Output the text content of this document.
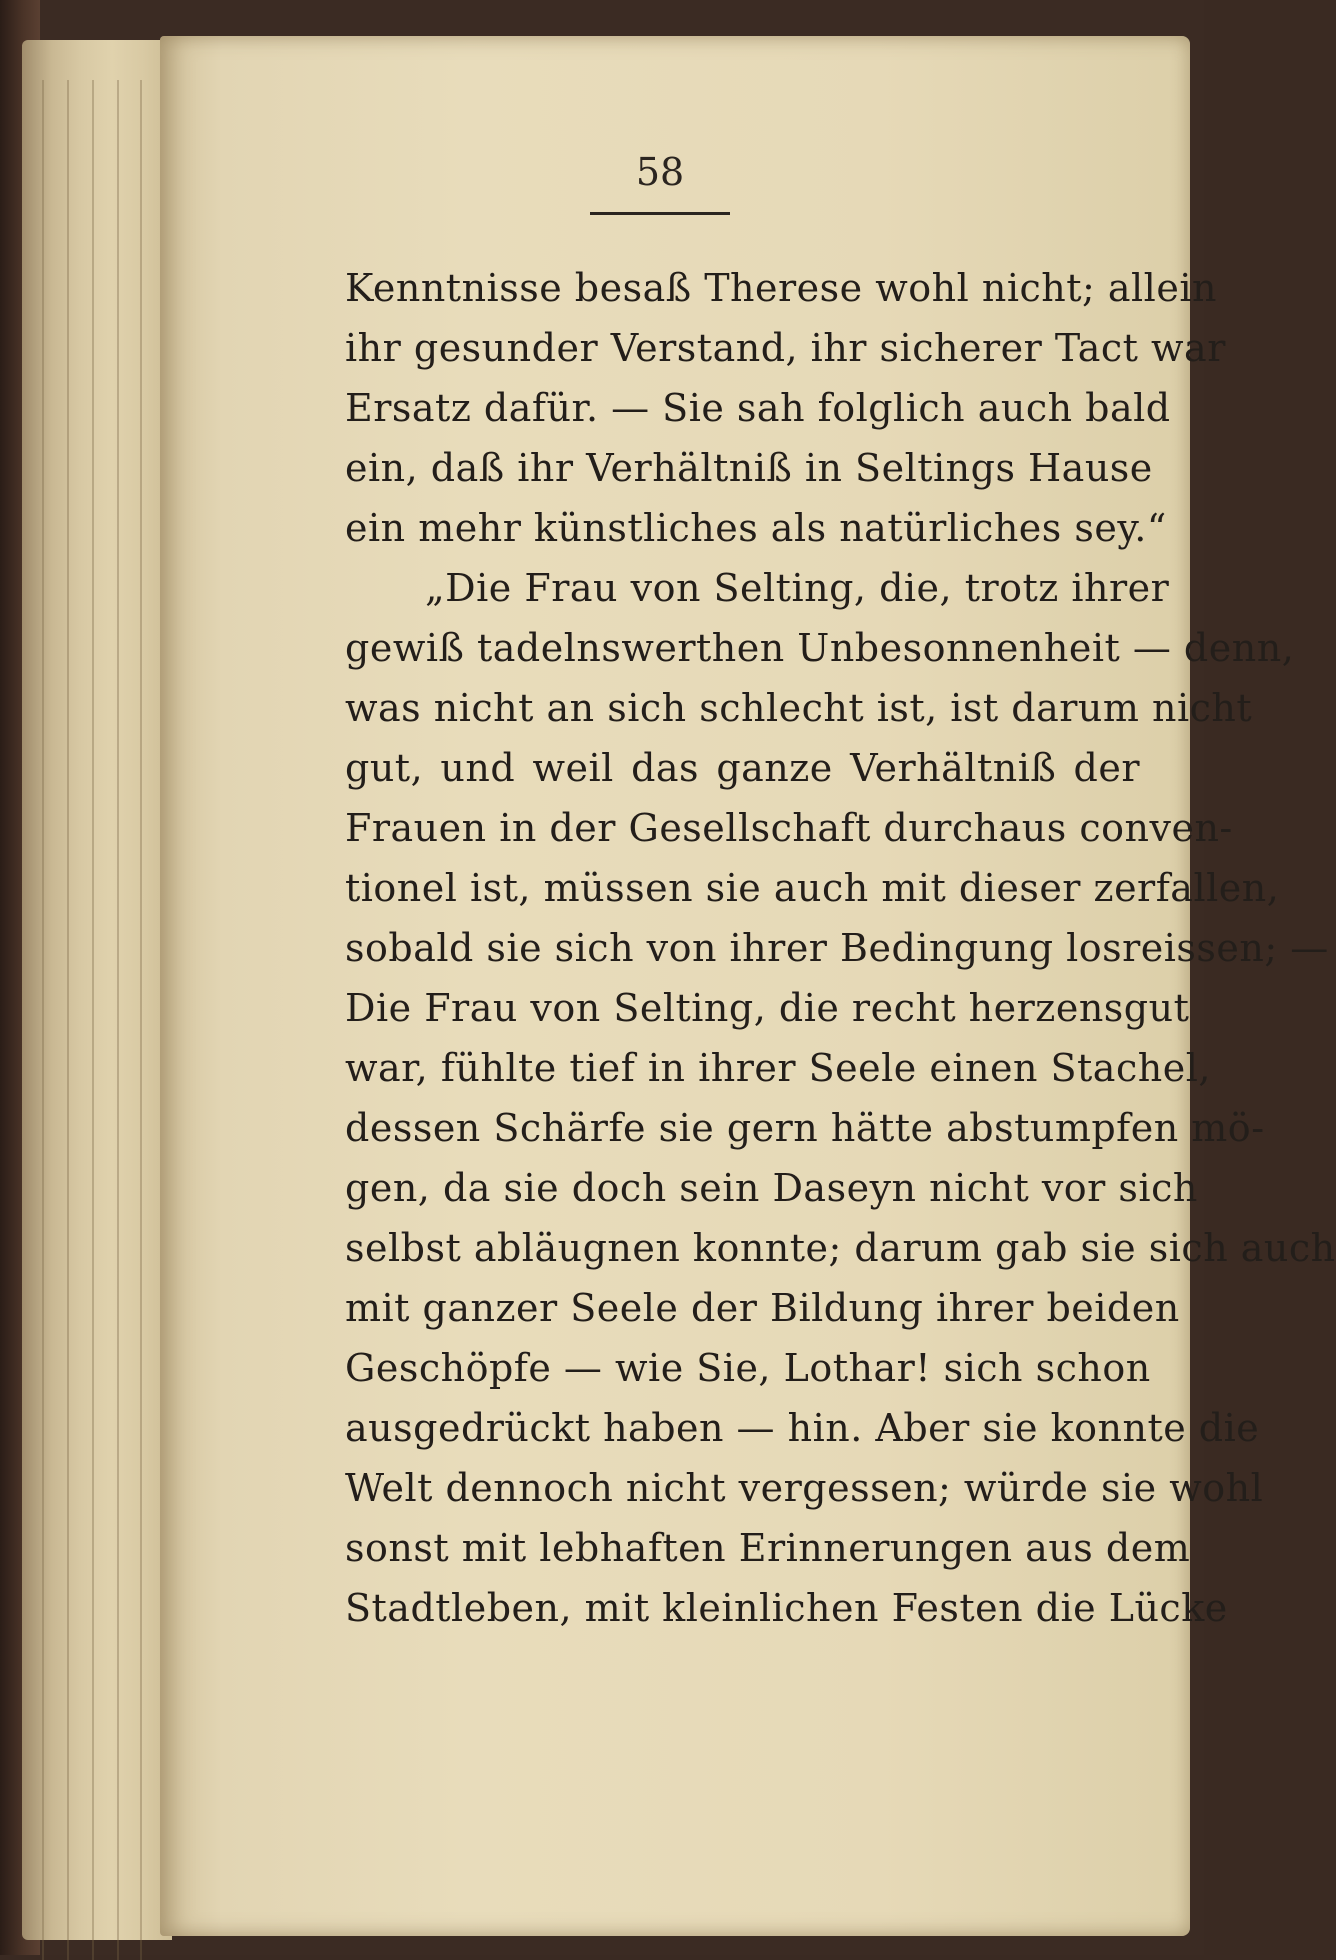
58

Kenntnisse besaß Therese wohl nicht; allein
ihr gesunder Verstand, ihr sicherer Tact war
Ersatz dafür. — Sie sah folglich auch bald
ein, daß ihr Verhältniß in Seltings Hause
ein mehr künstliches als natürliches sey.“
„Die Frau von Selting, die, trotz ihrer
gewiß tadelnswerthen Unbesonnenheit — denn,
was nicht an sich schlecht ist, ist darum nicht
gut, und weil das ganze Verhältniß der
Frauen in der Gesellschaft durchaus conven-
tionel ist, müssen sie auch mit dieser zerfallen,
sobald sie sich von ihrer Bedingung losreissen; —
Die Frau von Selting, die recht herzensgut
war, fühlte tief in ihrer Seele einen Stachel,
dessen Schärfe sie gern hätte abstumpfen mö-
gen, da sie doch sein Daseyn nicht vor sich
selbst abläugnen konnte; darum gab sie sich auch
mit ganzer Seele der Bildung ihrer beiden
Geschöpfe — wie Sie, Lothar! sich schon
ausgedrückt haben — hin. Aber sie konnte die
Welt dennoch nicht vergessen; würde sie wohl
sonst mit lebhaften Erinnerungen aus dem
Stadtleben, mit kleinlichen Festen die Lücke
